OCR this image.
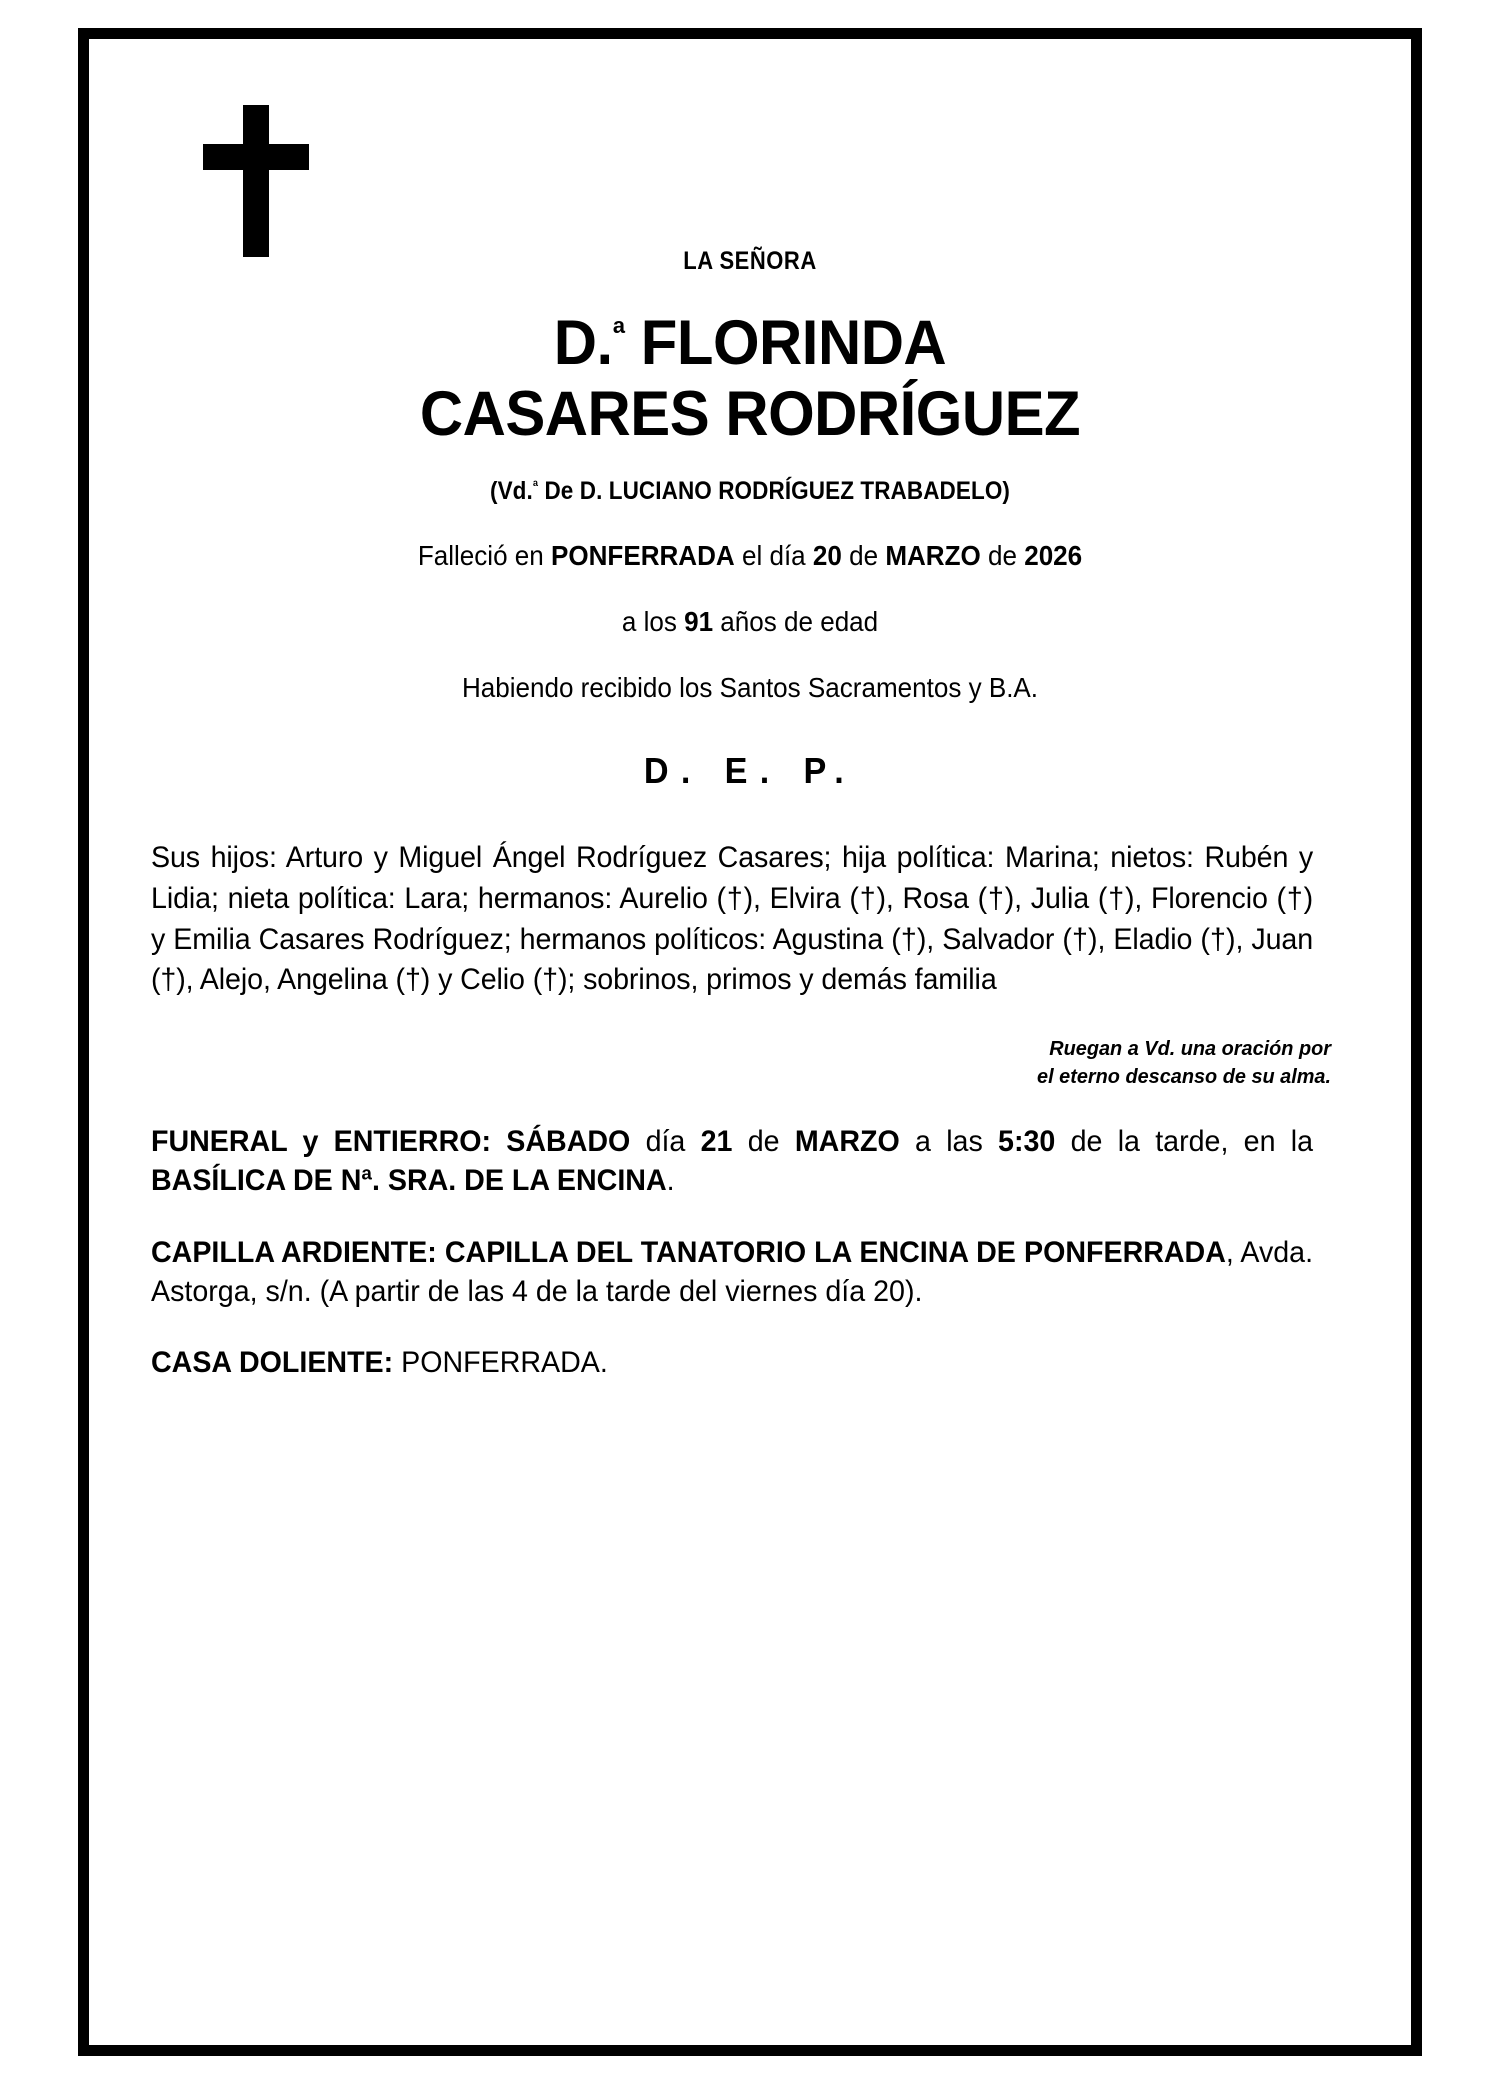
LA SEÑORA
D.$^ª$ FLORINDA
CASARES RODRÍGUEZ
(Vd.$^ª$ De D. LUCIANO RODRÍGUEZ TRABADELO)
Falleció en PONFERRADA el día 20 de MARZO de 2026
a los 91 años de edad
Habiendo recibido los Santos Sacramentos y B.A.
D. E. P.
Sus hijos: Arturo y Miguel Ángel Rodríguez Casares; hija política: Marina; nietos: Rubén y Lidia; nieta política: Lara; hermanos: Aurelio (†), Elvira (†), Rosa (†), Julia (†), Florencio (†) y Emilia Casares Rodríguez; hermanos políticos: Agustina (†), Salvador (†), Eladio (†), Juan (†), Alejo, Angelina (†) y Celio (†); sobrinos, primos y demás familia
Ruegan a Vd. una oración por
el eterno descanso de su alma.
FUNERAL y ENTIERRO: SÁBADO día 21 de MARZO a las 5:30 de la tarde, en la BASÍLICA DE Nª. SRA. DE LA ENCINA.
CAPILLA ARDIENTE: CAPILLA DEL TANATORIO LA ENCINA DE PONFERRADA, Avda. Astorga, s/n. (A partir de las 4 de la tarde del viernes día 20).
CASA DOLIENTE: PONFERRADA.
